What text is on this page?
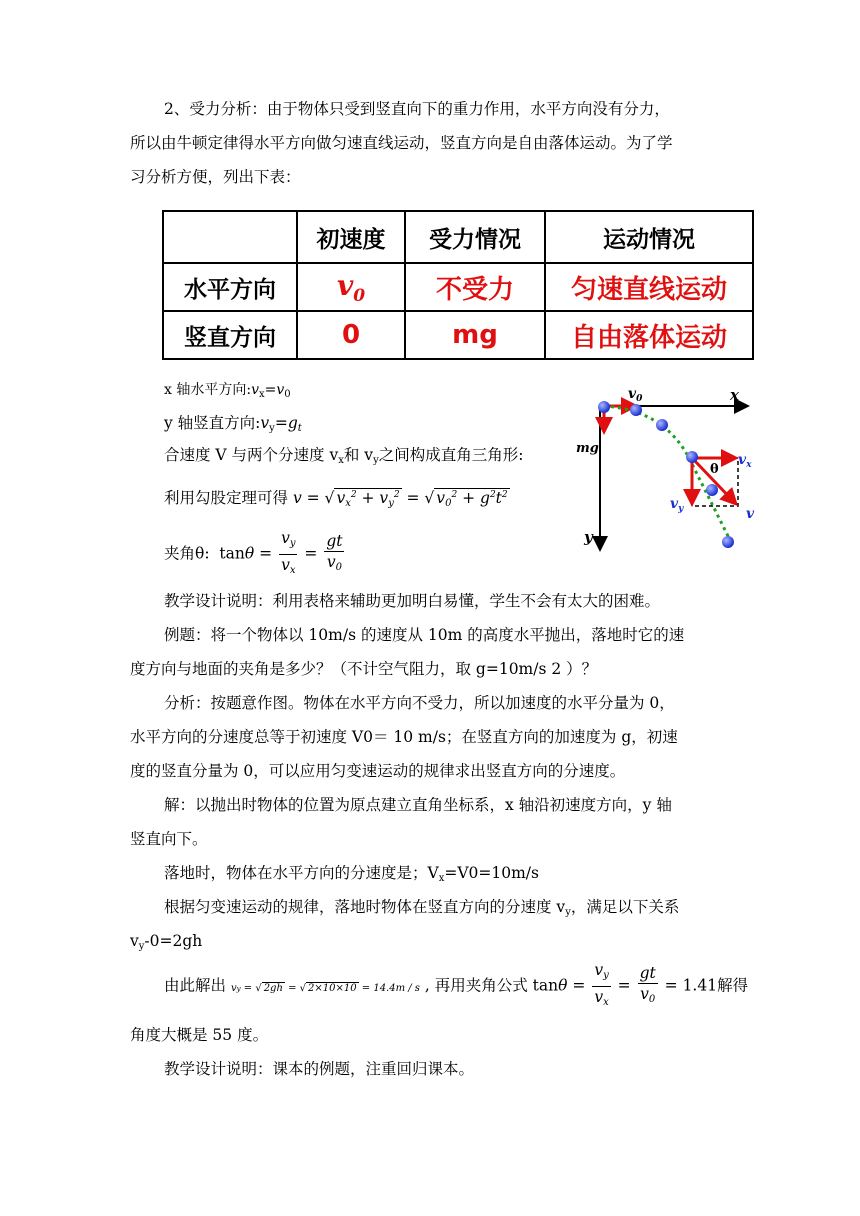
2、受力分析：由于物体只受到竖直向下的重力作用，水平方向没有分力，
所以由牛顿定律得水平方向做匀速直线运动，竖直方向是自由落体运动。为了学
习分析方便，列出下表：
	初速度	受力情况	运动情况
水平方向	$v_0$	不受力	匀速直线运动
竖直方向	0	mg	自由落体运动
x 轴水平方向$:v_x=v_0$
y 轴竖直方向$:v_y=g_t$
合速度 V 与两个分速度 $v_x$和 $v_y$之间构成直角三角形:
利用勾股定理可得 v = √ $v_x^2 + v_y^2$ = √ $v_0^2 + g^2t^2$
夹角θ:  $\tan\theta = \frac{v_y}{v_x} = \frac{gt}{v_0}$
x
y
$v_0$
mg
θ
$v_x$
$v_y$	v
教学设计说明：利用表格来辅助更加明白易懂，学生不会有太大的困难。
例题：将一个物体以 10m/s 的速度从 10m 的高度水平抛出，落地时它的速
度方向与地面的夹角是多少？（不计空气阻力，取 g=10m/s 2 ）？
分析：按题意作图。物体在水平方向不受力，所以加速度的水平分量为 0，
水平方向的分速度总等于初速度 V0＝ 10 m/s；在竖直方向的加速度为 g，初速
度的竖直分量为 0，可以应用匀变速运动的规律求出竖直方向的分速度。
解：以抛出时物体的位置为原点建立直角坐标系，x 轴沿初速度方向，y 轴
竖直向下。
落地时，物体在水平方向的分速度是；$V_x=V0=10m/s$
根据匀变速运动的规律，落地时物体在竖直方向的分速度 $v_y$，满足以下关系
$v_y-0=2gh$
由此解出 vy = √ 2gh = √ 2×10×10 = 14.4m / s , 再用夹角公式 $\tan\theta = \frac{v_y}{v_x} = \frac{gt}{v_0} = 1.41$解得
角度大概是 55 度。
教学设计说明：课本的例题，注重回归课本。
